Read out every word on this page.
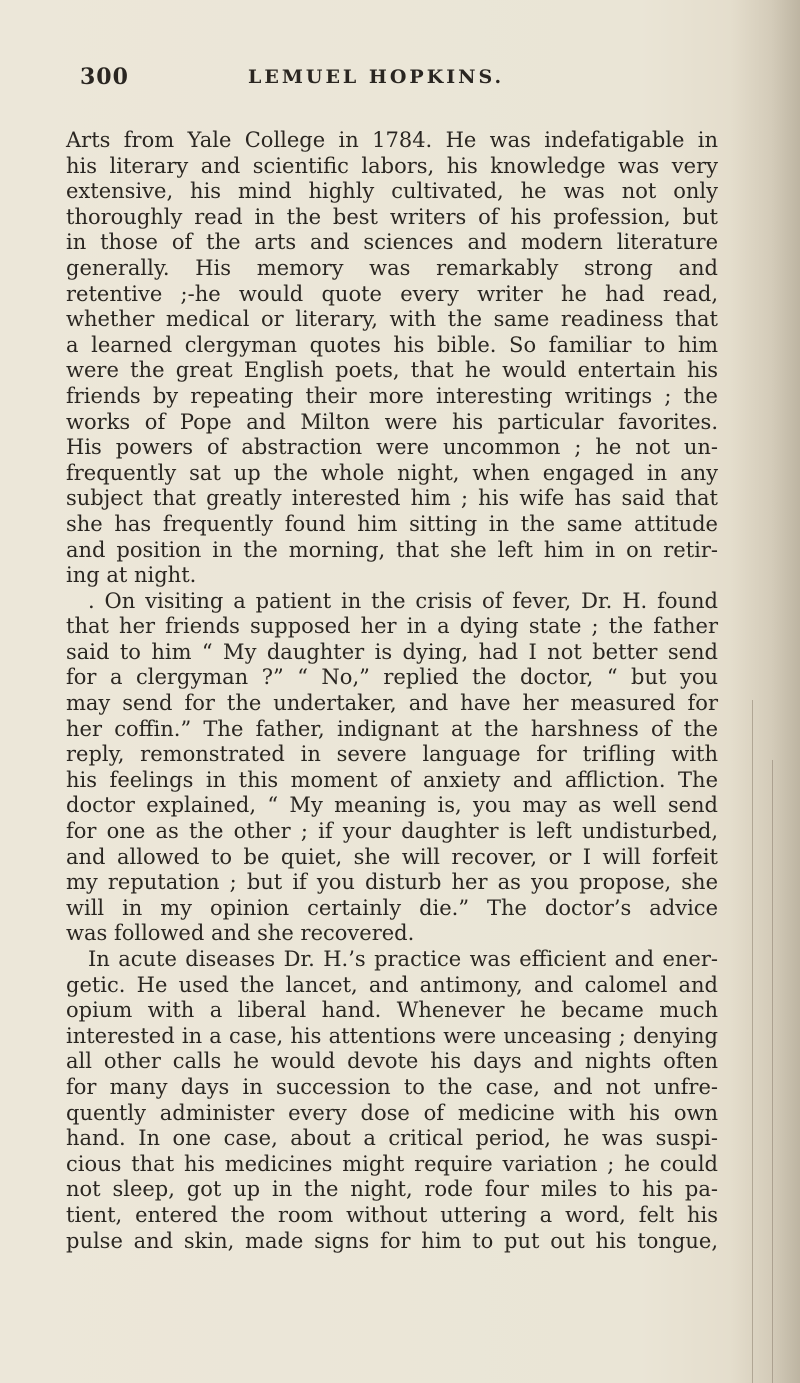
300	LEMUEL HOPKINS.
Arts from Yale College in 1784. He was indefatigable in
his literary and scientific labors, his knowledge was very
extensive, his mind highly cultivated, he was not only
thoroughly read in the best writers of his profession, but
in those of the arts and sciences and modern literature
generally. His memory was remarkably strong and
retentive ;-he would quote every writer he had read,
whether medical or literary, with the same readiness that
a learned clergyman quotes his bible. So familiar to him
were the great English poets, that he would entertain his
friends by repeating their more interesting writings ; the
works of Pope and Milton were his particular favorites.
His powers of abstraction were uncommon ; he not un-
frequently sat up the whole night, when engaged in any
subject that greatly interested him ; his wife has said that
she has frequently found him sitting in the same attitude
and position in the morning, that she left him in on retir-
ing at night.
. On visiting a patient in the crisis of fever, Dr. H. found
that her friends supposed her in a dying state ; the father
said to him “ My daughter is dying, had I not better send
for a clergyman ?” “ No,” replied the doctor, “ but you
may send for the undertaker, and have her measured for
her coffin.” The father, indignant at the harshness of the
reply, remonstrated in severe language for trifling with
his feelings in this moment of anxiety and affliction. The
doctor explained, “ My meaning is, you may as well send
for one as the other ; if your daughter is left undisturbed,
and allowed to be quiet, she will recover, or I will forfeit
my reputation ; but if you disturb her as you propose, she
will in my opinion certainly die.” The doctor’s advice
was followed and she recovered.
In acute diseases Dr. H.’s practice was efficient and ener-
getic. He used the lancet, and antimony, and calomel and
opium with a liberal hand. Whenever he became much
interested in a case, his attentions were unceasing ; denying
all other calls he would devote his days and nights often
for many days in succession to the case, and not unfre-
quently administer every dose of medicine with his own
hand. In one case, about a critical period, he was suspi-
cious that his medicines might require variation ; he could
not sleep, got up in the night, rode four miles to his pa-
tient, entered the room without uttering a word, felt his
pulse and skin, made signs for him to put out his tongue,
